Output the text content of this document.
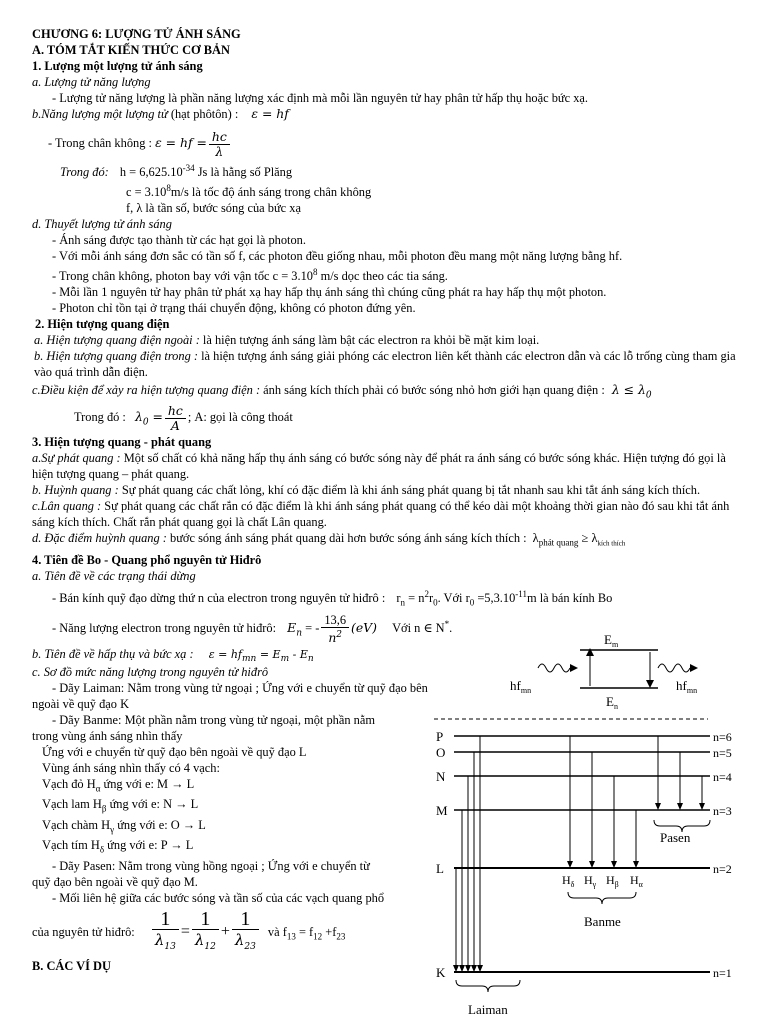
CHƯƠNG 6: LƯỢNG TỬ ÁNH SÁNG
A. TÓM TẮT KIẾN THỨC CƠ BẢN
1. Lượng một lượng tử ánh sáng
a. Lượng tử năng lượng
- Lượng tử năng lượng là phần năng lượng xác định mà mỗi lần nguyên tử hay phân tử hấp thụ hoặc bức xạ.
b.Năng lượng một lượng tử (hạt phôtôn) : ε = hf
- Trong chân không : ε = hf = $\frac{hc}{\lambda}$
Trong đó: $h = 6,625.10^{-34}$ Js là hằng số Plăng
$c = 3.10^8m/s$ là tốc độ ánh sáng trong chân không
f, λ là tần số, bước sóng của bức xạ
d. Thuyết lượng tử ánh sáng
- Ánh sáng được tạo thành từ các hạt gọi là photon.
- Với mỗi ánh sáng đơn sắc có tần số f, các photon đều giống nhau, mỗi photon đều mang một năng lượng bằng hf.
- Trong chân không, photon bay với vận tốc $c = 3.10^8$ m/s dọc theo các tia sáng.
- Mỗi lần 1 nguyên tử hay phân tử phát xạ hay hấp thụ ánh sáng thì chúng cũng phát ra hay hấp thụ một photon.
- Photon chỉ tồn tại ở trạng thái chuyển động, không có photon đứng yên.
2. Hiện tượng quang điện
a. Hiện tượng quang điện ngoài : là hiện tượng ánh sáng làm bật các electron ra khỏi bề mặt kim loại.
b. Hiện tượng quang điện trong : là hiện tượng ánh sáng giải phóng các electron liên kết thành các electron dẫn và các lỗ trống cùng tham gia vào quá trình dẫn điện.
c.Điều kiện để xảy ra hiện tượng quang điện : ánh sáng kích thích phải có bước sóng nhỏ hơn giới hạn quang điện : $\lambda \le \lambda_0$
Trong đó : $\lambda_0 = \frac{hc}{A}$ ; A: gọi là công thoát
3. Hiện tượng quang - phát quang
a.Sự phát quang : Một số chất có khả năng hấp thụ ánh sáng có bước sóng này để phát ra ánh sáng có bước sóng khác. Hiện tượng đó gọi là hiện tượng quang – phát quang.
b. Huỳnh quang : Sự phát quang các chất lỏng, khí có đặc điểm là khi ánh sáng phát quang bị tắt nhanh sau khi tắt ánh sáng kích thích.
c.Lân quang : Sự phát quang các chất rắn có đặc điểm là khi ánh sáng phát quang có thể kéo dài một khoảng thời gian nào đó sau khi tắt ánh sáng kích thích. Chất rắn phát quang gọi là chất Lân quang.
d. Đặc điểm huỳnh quang : bước sóng ánh sáng phát quang dài hơn bước sóng ánh sáng kích thích : $\lambda_{phát quang} \ge \lambda_{kích thích}$
4. Tiên đề Bo - Quang phổ nguyên tử Hiđrô
a. Tiên đề về các trạng thái dừng
- Bán kính quỹ đạo dừng thứ n của electron trong nguyên tử hiđrô : $r_n = n^2r_0$. Với $r_0 =5,3.10^{-11}m$ là bán kính Bo
- Năng lượng electron trong nguyên tử hiđrô: $E_n$ = - $\frac{13,6}{n^2} (eV)$ Với n ∈ N*.
b. Tiên đề về hấp thụ và bức xạ : $\varepsilon = hf_{mn} = E_m - E_n$
c. Sơ đồ mức năng lượng trong nguyên tử hiđrô
- Dãy Laiman: Nằm trong vùng tử ngoại ; Ứng với e chuyển từ quỹ đạo bên
ngoài về quỹ đạo K
- Dãy Banme: Một phần nằm trong vùng tử ngoại, một phần nằm
trong vùng ánh sáng nhìn thấy
Ứng với e chuyển từ quỹ đạo bên ngoài về quỹ đạo L
Vùng ánh sáng nhìn thấy có 4 vạch:
Vạch đỏ $H_\alpha$ ứng với e: M → L
Vạch lam $H_\beta$ ứng với e: N → L
Vạch chàm $H_\gamma$ ứng với e: O → L
Vạch tím $H_\delta$ ứng với e: P → L
- Dãy Pasen: Nằm trong vùng hồng ngoại ; Ứng với e chuyển từ
quỹ đạo bên ngoài về quỹ đạo M.
- Mối liên hệ giữa các bước sóng và tần số của các vạch quang phổ
của nguyên tử hiđrô: $\frac{1}{\lambda_{13}} = \frac{1}{\lambda_{12}} + \frac{1}{\lambda_{23}}$ và $f_{13} = f_{12} +f_{23}$
B. CÁC VÍ DỤ
$E_m$
$E_n$
$hf_{mn}$	$hf_{mn}$
P	n=6
O	n=5
N	n=4
M	n=3
L	n=2
K	n=1
Pasen
Banme
Laiman
$H_\delta$ $H_\gamma$ $H_\beta$ $H_\alpha$
